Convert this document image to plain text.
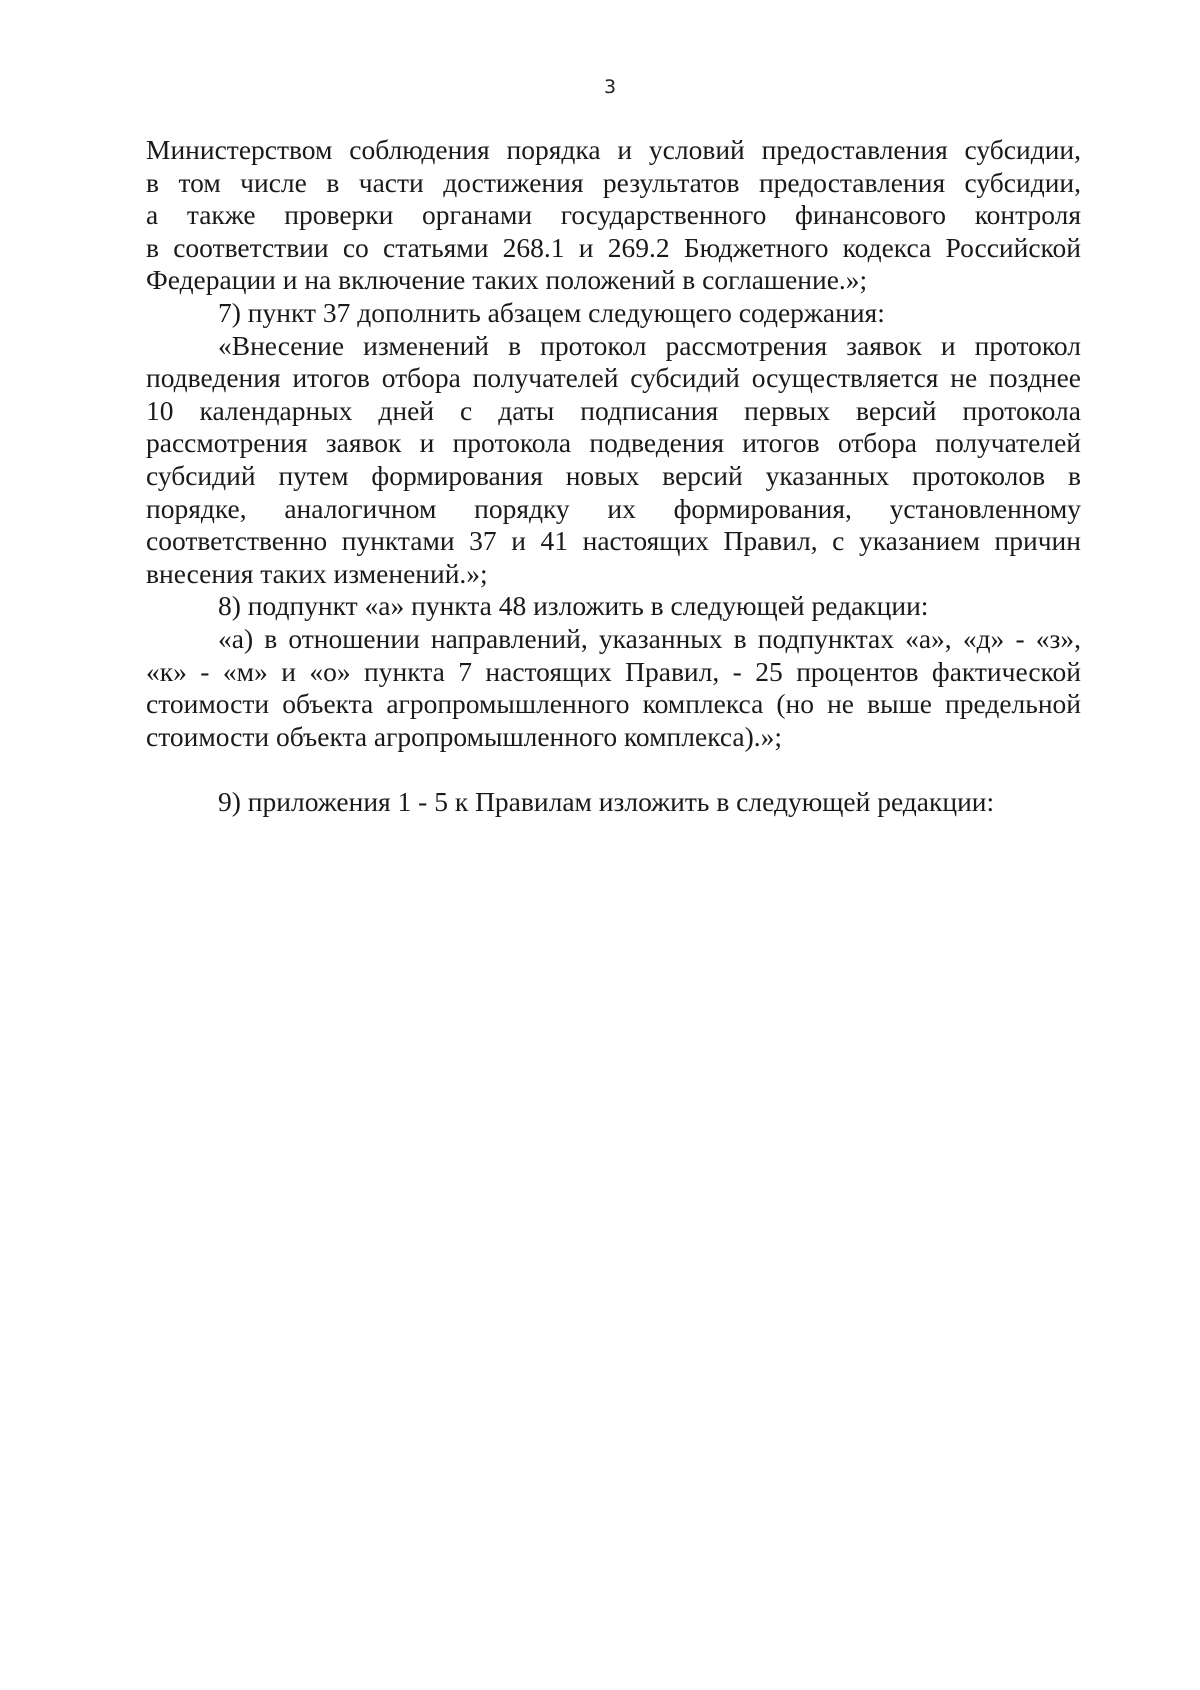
3

Министерством соблюдения порядка и условий предоставления субсидии,
в том числе в части достижения результатов предоставления субсидии,
а также проверки органами государственного финансового контроля
в соответствии со статьями 268.1 и 269.2 Бюджетного кодекса Российской
Федерации и на включение таких положений в соглашение.»;

7) пункт 37 дополнить абзацем следующего содержания:

«Внесение изменений в протокол рассмотрения заявок и протокол
подведения итогов отбора получателей субсидий осуществляется не позднее
10 календарных дней с даты подписания первых версий протокола
рассмотрения заявок и протокола подведения итогов отбора получателей
субсидий путем формирования новых версий указанных протоколов в
порядке, аналогичном порядку их формирования, установленному
соответственно пунктами 37 и 41 настоящих Правил, с указанием причин
внесения таких изменений.»;

8) подпункт «а» пункта 48 изложить в следующей редакции:

«а) в отношении направлений, указанных в подпунктах «а», «д» - «з»,
«к» - «м» и «о» пункта 7 настоящих Правил, - 25 процентов фактической
стоимости объекта агропромышленного комплекса (но не выше предельной
стоимости объекта агропромышленного комплекса).»;

9) приложения 1 - 5 к Правилам изложить в следующей редакции:
